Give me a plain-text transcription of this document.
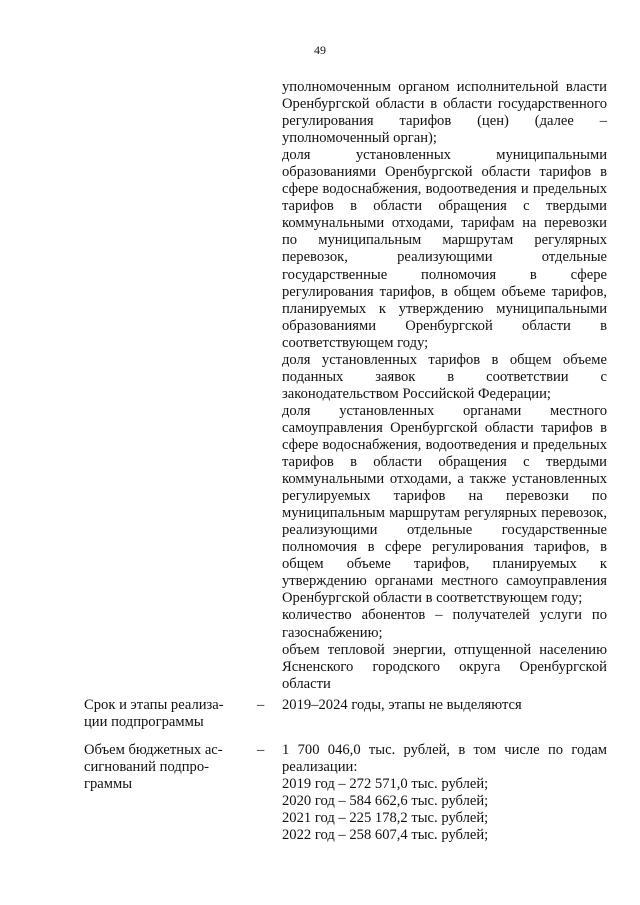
49

уполномоченным органом исполнительной власти Оренбургской области в области государственного регулирования тарифов (цен) (далее – уполномоченный орган);

доля установленных муниципальными образованиями Оренбургской области тарифов в сфере водоснабжения, водоотведения и предельных тарифов в области обращения с твердыми коммунальными отходами, тарифам на перевозки по муниципальным маршрутам регулярных перевозок, реализующими отдельные государственные полномочия в сфере регулирования тарифов, в общем объеме тарифов, планируемых к утверждению муниципальными образованиями Оренбургской области в соответствующем году;

доля установленных тарифов в общем объеме поданных заявок в соответствии с законодательством Российской Федерации;

доля установленных органами местного самоуправления Оренбургской области тарифов в сфере водоснабжения, водоотведения и предельных тарифов в области обращения с твердыми коммунальными отходами, а также установленных регулируемых тарифов на перевозки по муниципальным маршрутам регулярных перевозок, реализующими отдельные государственные полномочия в сфере регулирования тарифов, в общем объеме тарифов, планируемых к утверждению органами местного самоуправления Оренбургской области в соответствующем году;

количество абонентов – получателей услуги по газоснабжению;

объем тепловой энергии, отпущенной населению Ясненского городского округа Оренбургской области

Срок и этапы реализа-

ции подпрограммы

– 2019–2024 годы, этапы не выделяются

Объем бюджетных ас-

сигнований подпро-

граммы

– 1 700 046,0 тыс. рублей, в том числе по годам реализации:

2019 год – 272 571,0 тыс. рублей;

2020 год – 584 662,6 тыс. рублей;

2021 год – 225 178,2 тыс. рублей;

2022 год – 258 607,4 тыс. рублей;
